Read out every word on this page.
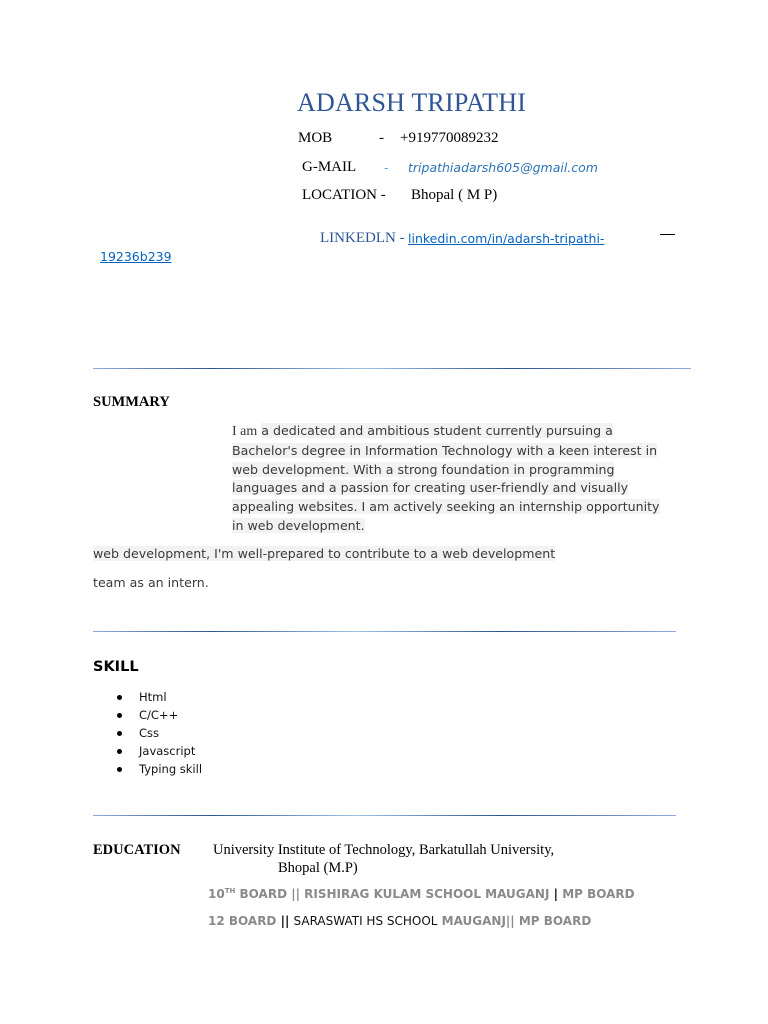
ADARSH TRIPATHI
MOB	- +919770089232
G-MAIL - tripathiadarsh605@gmail.com
LOCATION - Bhopal ( M P)
LINKEDLN - linkedin.com/in/adarsh-tripathi-
19236b239
SUMMARY
I am a dedicated and ambitious student currently pursuing a Bachelor's degree in Information Technology with a keen interest in web development. With a strong foundation in programming languages and a passion for creating user-friendly and visually appealing websites. I am actively seeking an internship opportunity in web development.
web development, I'm well-prepared to contribute to a web development
team as an intern.
SKILL
Html
C/C++
Css
Javascript
Typing skill
EDUCATION University Institute of Technology, Barkatullah University,
Bhopal (M.P)
10TH BOARD || RISHIRAG KULAM SCHOOL MAUGANJ | MP BOARD
12 BOARD || SARASWATI HS SCHOOL MAUGANJ|| MP BOARD
